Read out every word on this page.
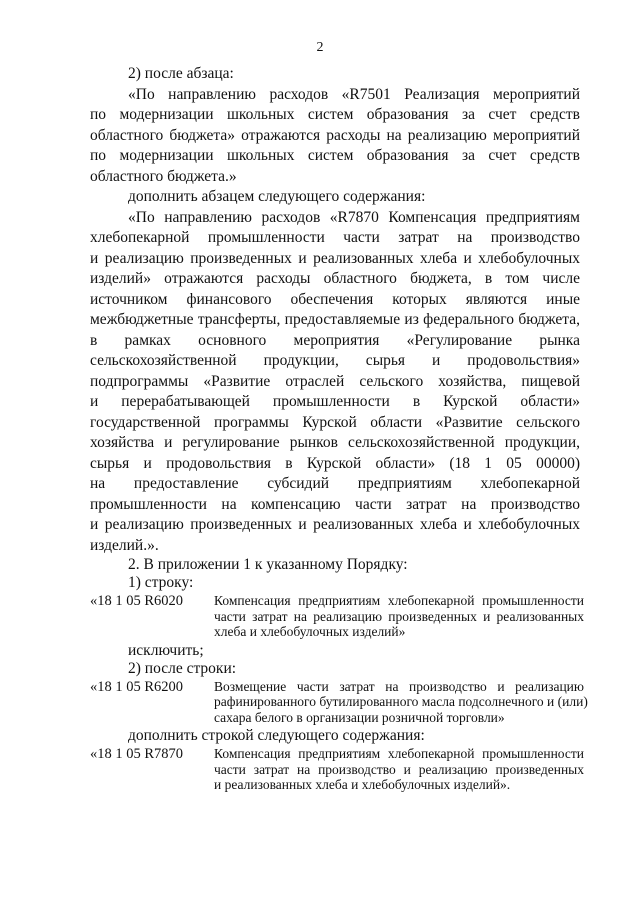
2
2) после абзаца:
«По направлению расходов «R7501 Реализация мероприятий
по модернизации школьных систем образования за счет средств
областного бюджета» отражаются расходы на реализацию мероприятий
по модернизации школьных систем образования за счет средств
областного бюджета.»
дополнить абзацем следующего содержания:
«По направлению расходов «R7870 Компенсация предприятиям
хлебопекарной промышленности части затрат на производство
и реализацию произведенных и реализованных хлеба и хлебобулочных
изделий» отражаются расходы областного бюджета, в том числе
источником финансового обеспечения которых являются иные
межбюджетные трансферты, предоставляемые из федерального бюджета,
в рамках основного мероприятия «Регулирование рынка
сельскохозяйственной продукции, сырья и продовольствия»
подпрограммы «Развитие отраслей сельского хозяйства, пищевой
и перерабатывающей промышленности в Курской области»
государственной программы Курской области «Развитие сельского
хозяйства и регулирование рынков сельскохозяйственной продукции,
сырья и продовольствия в Курской области» (18 1 05 00000)
на предоставление субсидий предприятиям хлебопекарной
промышленности на компенсацию части затрат на производство
и реализацию произведенных и реализованных хлеба и хлебобулочных
изделий.».
2. В приложении 1 к указанному Порядку:
1) строку:
«18 1 05 R6020	Компенсация предприятиям хлебопекарной промышленности
части затрат на реализацию произведенных и реализованных
хлеба и хлебобулочных изделий»
исключить;
2) после строки:
«18 1 05 R6200	Возмещение части затрат на производство и реализацию
рафинированного бутилированного масла подсолнечного и (или)
сахара белого в организации розничной торговли»
дополнить строкой следующего содержания:
«18 1 05 R7870	Компенсация предприятиям хлебопекарной промышленности
части затрат на производство и реализацию произведенных
и реализованных хлеба и хлебобулочных изделий».
